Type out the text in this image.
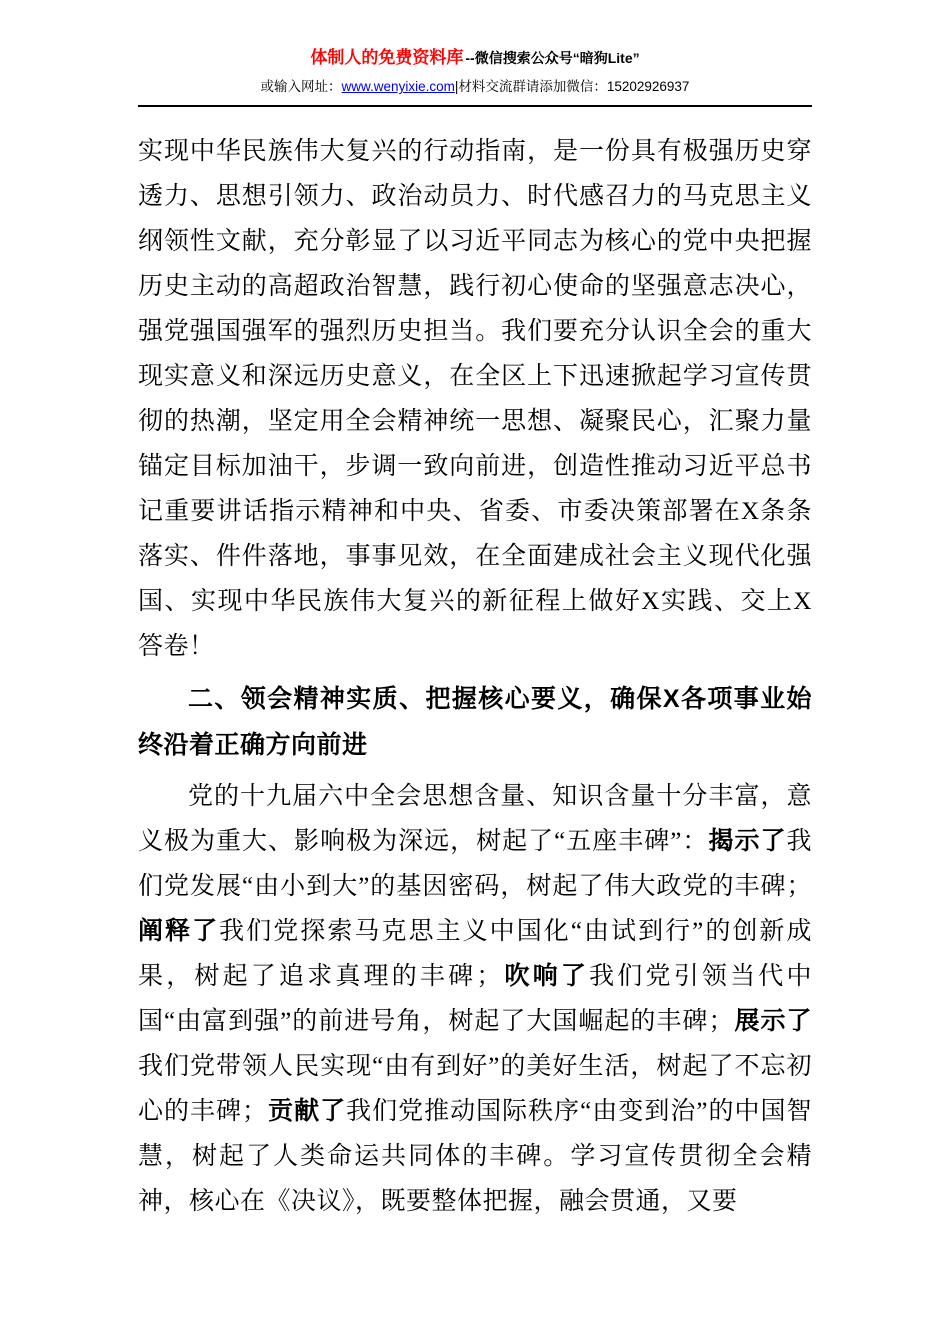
体制人的免费资料库 --微信搜索公众号“暗狗Lite”
或输入网址：www.wenyixie.com|材料交流群请添加微信：15202926937

实现中华民族伟大复兴的行动指南，是一份具有极强历史穿透力、思想引领力、政治动员力、时代感召力的马克思主义纲领性文献，充分彰显了以习近平同志为核心的党中央把握历史主动的高超政治智慧，践行初心使命的坚强意志决心，强党强国强军的强烈历史担当。我们要充分认识全会的重大现实意义和深远历史意义，在全区上下迅速掀起学习宣传贯彻的热潮，坚定用全会精神统一思想、凝聚民心，汇聚力量锚定目标加油干，步调一致向前进，创造性推动习近平总书记重要讲话指示精神和中央、省委、市委决策部署在X条条落实、件件落地，事事见效，在全面建成社会主义现代化强国、实现中华民族伟大复兴的新征程上做好X实践、交上X答卷！

二、领会精神实质、把握核心要义，确保X各项事业始终沿着正确方向前进

党的十九届六中全会思想含量、知识含量十分丰富，意义极为重大、影响极为深远，树起了“五座丰碑”：揭示了我们党发展“由小到大”的基因密码，树起了伟大政党的丰碑；阐释了我们党探索马克思主义中国化“由试到行”的创新成果，树起了追求真理的丰碑；吹响了我们党引领当代中国“由富到强”的前进号角，树起了大国崛起的丰碑；展示了我们党带领人民实现“由有到好”的美好生活，树起了不忘初心的丰碑；贡献了我们党推动国际秩序“由变到治”的中国智慧，树起了人类命运共同体的丰碑。学习宣传贯彻全会精神，核心在《决议》，既要整体把握，融会贯通，又要
